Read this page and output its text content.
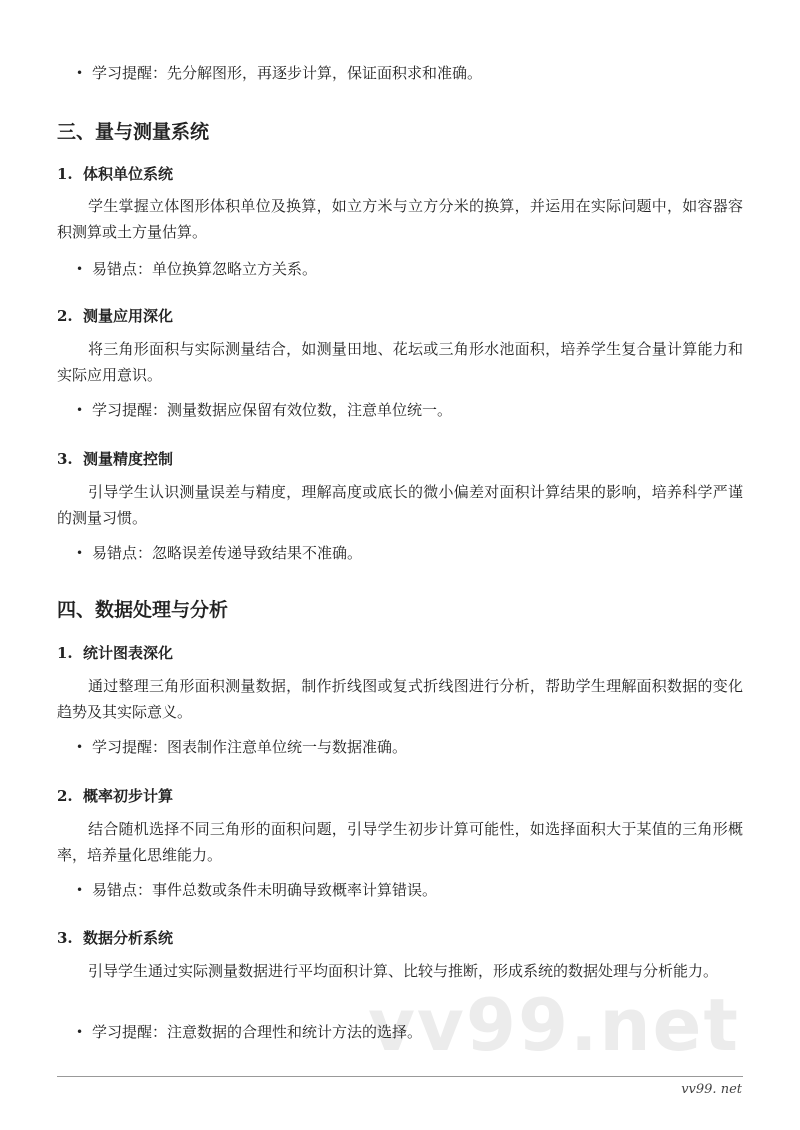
• 学习提醒：先分解图形，再逐步计算，保证面积求和准确。
三、量与测量系统
1. 体积单位系统
学生掌握立体图形体积单位及换算，如立方米与立方分米的换算，并运用在实际问题中，如容器容积测算或土方量估算。
• 易错点：单位换算忽略立方关系。
2. 测量应用深化
将三角形面积与实际测量结合，如测量田地、花坛或三角形水池面积，培养学生复合量计算能力和实际应用意识。
• 学习提醒：测量数据应保留有效位数，注意单位统一。
3. 测量精度控制
引导学生认识测量误差与精度，理解高度或底长的微小偏差对面积计算结果的影响，培养科学严谨的测量习惯。
• 易错点：忽略误差传递导致结果不准确。
四、数据处理与分析
1. 统计图表深化
通过整理三角形面积测量数据，制作折线图或复式折线图进行分析，帮助学生理解面积数据的变化趋势及其实际意义。
• 学习提醒：图表制作注意单位统一与数据准确。
2. 概率初步计算
结合随机选择不同三角形的面积问题，引导学生初步计算可能性，如选择面积大于某值的三角形概率，培养量化思维能力。
• 易错点：事件总数或条件未明确导致概率计算错误。
3. 数据分析系统
引导学生通过实际测量数据进行平均面积计算、比较与推断，形成系统的数据处理与分析能力。
vv99.net
• 学习提醒：注意数据的合理性和统计方法的选择。
vv99. net
